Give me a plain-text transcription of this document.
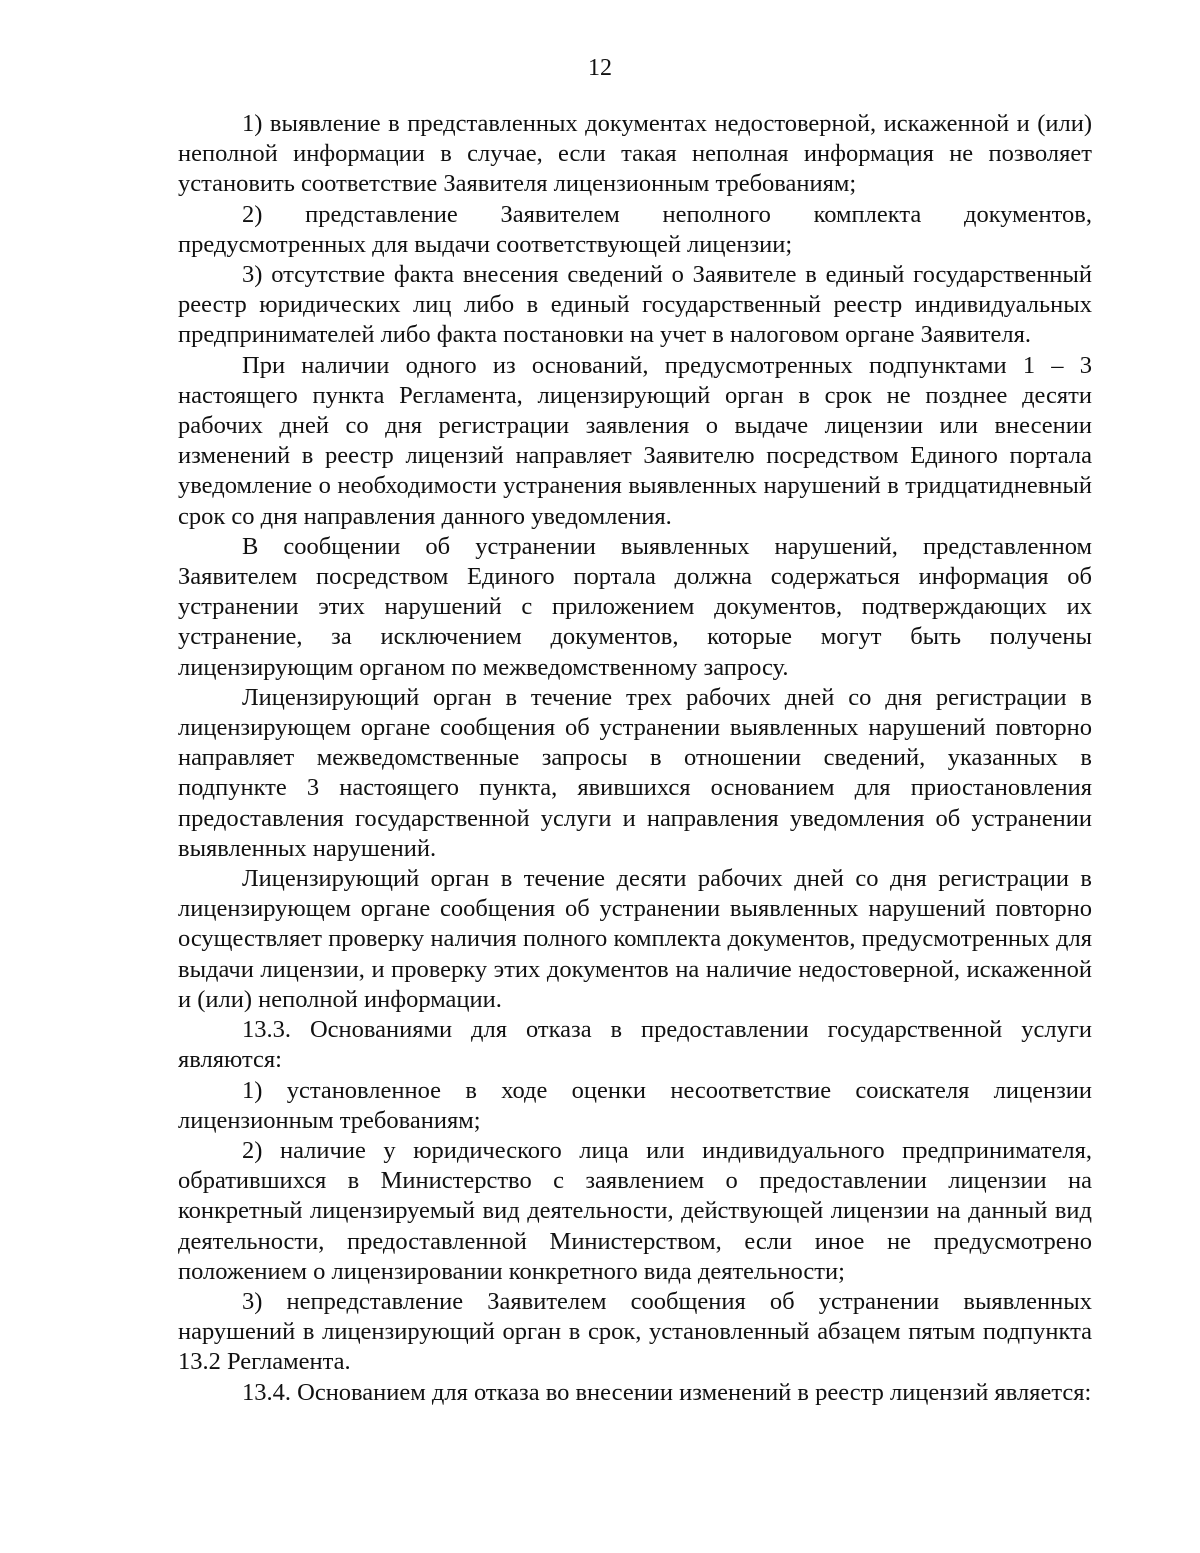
12

1) выявление в представленных документах недостоверной, искаженной и (или) неполной информации в случае, если такая неполная информация не позволяет установить соответствие Заявителя лицензионным требованиям;

2) представление Заявителем неполного комплекта документов, предусмотренных для выдачи соответствующей лицензии;

3) отсутствие факта внесения сведений о Заявителе в единый государственный реестр юридических лиц либо в единый государственный реестр индивидуальных предпринимателей либо факта постановки на учет в налоговом органе Заявителя.

При наличии одного из оснований, предусмотренных подпунктами 1 – 3 настоящего пункта Регламента, лицензирующий орган в срок не позднее десяти рабочих дней со дня регистрации заявления о выдаче лицензии или внесении изменений в реестр лицензий направляет Заявителю посредством Единого портала уведомление о необходимости устранения выявленных нарушений в тридцатидневный срок со дня направления данного уведомления.

В сообщении об устранении выявленных нарушений, представленном Заявителем посредством Единого портала должна содержаться информация об устранении этих нарушений с приложением документов, подтверждающих их устранение, за исключением документов, которые могут быть получены лицензирующим органом по межведомственному запросу.

Лицензирующий орган в течение трех рабочих дней со дня регистрации в лицензирующем органе сообщения об устранении выявленных нарушений повторно направляет межведомственные запросы в отношении сведений, указанных в подпункте 3 настоящего пункта, явившихся основанием для приостановления предоставления государственной услуги и направления уведомления об устранении выявленных нарушений.

Лицензирующий орган в течение десяти рабочих дней со дня регистрации в лицензирующем органе сообщения об устранении выявленных нарушений повторно осуществляет проверку наличия полного комплекта документов, предусмотренных для выдачи лицензии, и проверку этих документов на наличие недостоверной, искаженной и (или) неполной информации.

13.3. Основаниями для отказа в предоставлении государственной услуги являются:

1) установленное в ходе оценки несоответствие соискателя лицензии лицензионным требованиям;

2) наличие у юридического лица или индивидуального предпринимателя, обратившихся в Министерство с заявлением о предоставлении лицензии на конкретный лицензируемый вид деятельности, действующей лицензии на данный вид деятельности, предоставленной Министерством, если иное не предусмотрено положением о лицензировании конкретного вида деятельности;

3) непредставление Заявителем сообщения об устранении выявленных нарушений в лицензирующий орган в срок, установленный абзацем пятым подпункта 13.2 Регламента.

13.4. Основанием для отказа во внесении изменений в реестр лицензий является:
